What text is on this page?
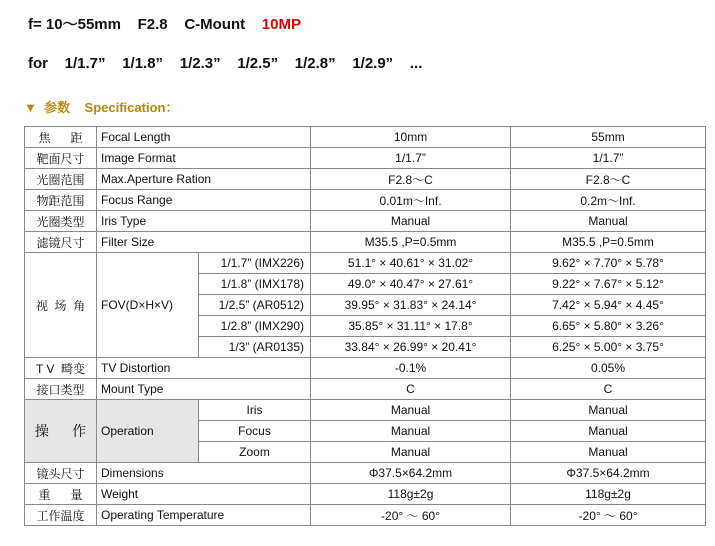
f= 10～55mm    F2.8    C-Mount    10MP
for    1/1.7”    1/1.8”    1/2.3”    1/2.5”    1/2.8”    1/2.9”    ...
▼  参数    Specification：
焦      距	Focal Length		10mm	55mm
靶面尺寸	Image Format		1/1.7”	1/1.7”
光圈范围	Max.Aperture Ration		F2.8～C	F2.8～C
物距范围	Focus Range		0.01m～Inf.	0.2m～Inf.
光圈类型	Iris Type		Manual	Manual
滤镜尺寸	Filter Size		M35.5 ,P=0.5mm	M35.5 ,P=0.5mm
视  场  角	FOV(D×H×V)	1/1.7” (IMX226)	51.1° × 40.61° × 31.02°	9.62° × 7.70° × 5.78°
		1/1.8” (IMX178)	49.0° × 40.47° × 27.61°	9.22° × 7.67° × 5.12°
		1/2.5” (AR0512)	39.95° × 31.83° × 24.14°	7.42° × 5.94° × 4.45°
		1/2.8” (IMX290)	35.85° × 31.11° × 17.8°	6.65° × 5.80° × 3.26°
		1/3” (AR0135)	33.84° × 26.99° × 20.41°	6.25° × 5.00° × 3.75°
T V  畸变	TV Distortion		-0.1%	0.05%
接口类型	Mount Type		C	C
操      作	Operation	Iris	Manual	Manual
		Focus	Manual	Manual
		Zoom	Manual	Manual
镜头尺寸	Dimensions		Φ37.5×64.2mm	Φ37.5×64.2mm
重      量	Weight		118g±2g	118g±2g
工作温度	Operating Temperature		-20° ～ 60°	-20° ～ 60°
